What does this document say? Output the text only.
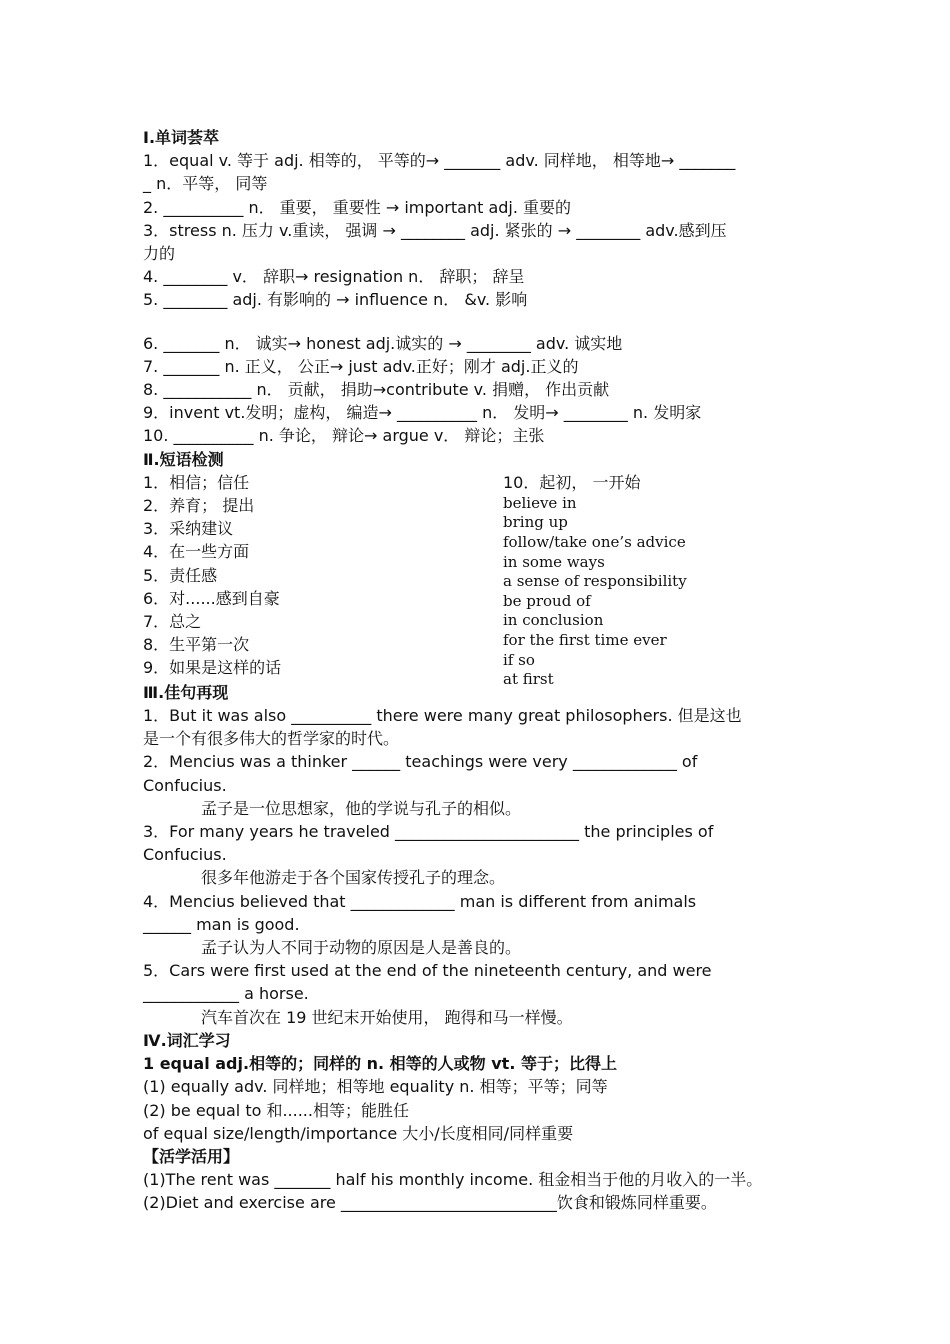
Ⅰ.单词荟萃
1．equal v. 等于 adj. 相等的， 平等的→ _______ adv. 同样地， 相等地→ _______
_ n．平等， 同等
2. __________ n． 重要， 重要性 → important adj. 重要的
3．stress n. 压力 v.重读， 强调 → ________ adj. 紧张的 → ________ adv.感到压
力的
4. ________ v． 辞职→ resignation n． 辞职； 辞呈
5. ________ adj. 有影响的 → influence n． &v. 影响
6. _______ n． 诚实→ honest adj.诚实的 → ________ adv. 诚实地
7. _______ n. 正义， 公正→ just adv.正好；刚才 adj.正义的
8. ___________ n． 贡献， 捐助→contribute v. 捐赠， 作出贡献
9．invent vt.发明；虚构， 编造→ __________ n． 发明→ ________ n. 发明家
10. __________ n. 争论， 辩论→ argue v． 辩论；主张
Ⅱ.短语检测
1．相信；信任
2．养育； 提出
3．采纳建议
4．在一些方面
5．责任感
6．对......感到自豪
7．总之
8．生平第一次
9．如果是这样的话
10．起初， 一开始
believe in
bring up
follow/take one’s advice
in some ways
a sense of responsibility
be proud of
in conclusion
for the first time ever
if so
at first
Ⅲ.佳句再现
1．But it was also __________ there were many great philosophers. 但是这也
是一个有很多伟大的哲学家的时代。
2．Mencius was a thinker ______ teachings were very _____________ of
Confucius.
孟子是一位思想家，他的学说与孔子的相似。
3．For many years he traveled _______________________ the principles of
Confucius.
很多年他游走于各个国家传授孔子的理念。
4．Mencius believed that _____________ man is different from animals
______ man is good.
孟子认为人不同于动物的原因是人是善良的。
5．Cars were first used at the end of the nineteenth century, and were
____________ a horse.
汽车首次在 19 世纪末开始使用， 跑得和马一样慢。
Ⅳ.词汇学习
1 equal adj.相等的；同样的 n. 相等的人或物 vt. 等于；比得上
(1) equally adv. 同样地；相等地 equality n. 相等；平等；同等
(2) be equal to 和......相等；能胜任
of equal size/length/importance 大小/长度相同/同样重要
【活学活用】
(1)The rent was _______ half his monthly income. 租金相当于他的月收入的一半。
(2)Diet and exercise are ___________________________饮食和锻炼同样重要。
